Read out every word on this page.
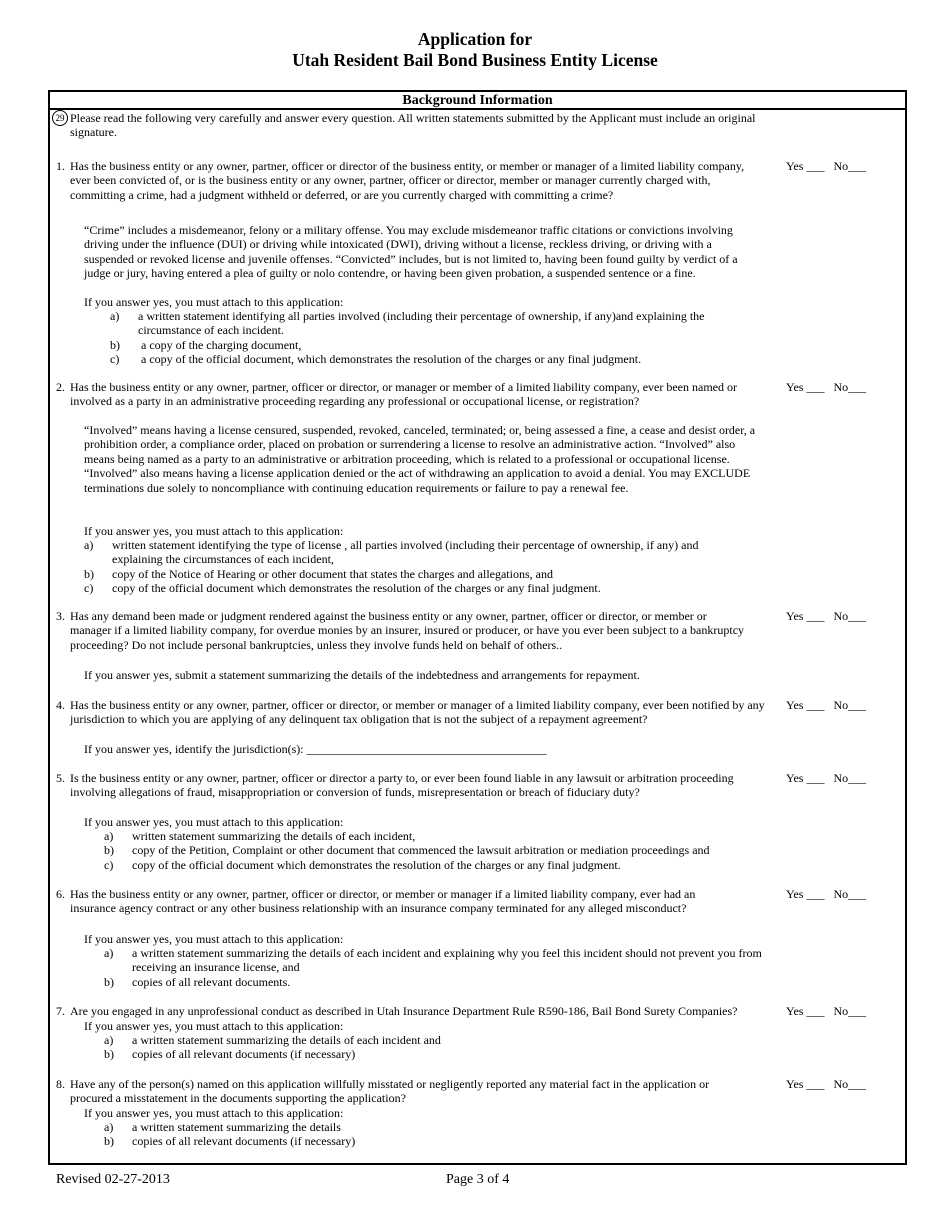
Application for
Utah Resident Bail Bond Business Entity License
Background Information
29 Please read the following very carefully and answer every question. All written statements submitted by the Applicant must include an original signature.
1. Has the business entity or any owner, partner, officer or director of the business entity, or member or manager of a limited liability company, ever been convicted of, or is the business entity or any owner, partner, officer or director, member or manager currently charged with, committing a crime, had a judgment withheld or deferred, or are you currently charged with committing a crime?
Yes ___   No___
“Crime” includes a misdemeanor, felony or a military offense. You may exclude misdemeanor traffic citations or convictions involving driving under the influence (DUI) or driving while intoxicated (DWI), driving without a license, reckless driving, or driving with a suspended or revoked license and juvenile offenses. “Convicted” includes, but is not limited to, having been found guilty by verdict of a judge or jury, having entered a plea of guilty or nolo contendre, or having been given probation, a suspended sentence or a fine.
If you answer yes, you must attach to this application:
a) a written statement identifying all parties involved (including their percentage of ownership, if any)and explaining the circumstance of each incident.
b) a copy of the charging document,
c) a copy of the official document, which demonstrates the resolution of the charges or any final judgment.
2. Has the business entity or any owner, partner, officer or director, or manager or member of a limited liability company, ever been named or involved as a party in an administrative proceeding regarding any professional or occupational license, or registration?
Yes ___   No___
“Involved” means having a license censured, suspended, revoked, canceled, terminated; or, being assessed a fine, a cease and desist order, a prohibition order, a compliance order, placed on probation or surrendering a license to resolve an administrative action. “Involved” also means being named as a party to an administrative or arbitration proceeding, which is related to a professional or occupational license. “Involved” also means having a license application denied or the act of withdrawing an application to avoid a denial. You may EXCLUDE terminations due solely to noncompliance with continuing education requirements or failure to pay a renewal fee.
If you answer yes, you must attach to this application:
a) written statement identifying the type of license , all parties involved (including their percentage of ownership, if any) and explaining the circumstances of each incident,
b) copy of the Notice of Hearing or other document that states the charges and allegations, and
c) copy of the official document which demonstrates the resolution of the charges or any final judgment.
3. Has any demand been made or judgment rendered against the business entity or any owner, partner, officer or director, or member or manager if a limited liability company, for overdue monies by an insurer, insured or producer, or have you ever been subject to a bankruptcy proceeding? Do not include personal bankruptcies, unless they involve funds held on behalf of others..
Yes ___   No___
If you answer yes, submit a statement summarizing the details of the indebtedness and arrangements for repayment.
4. Has the business entity or any owner, partner, officer or director, or member or manager of a limited liability company, ever been notified by any jurisdiction to which you are applying of any delinquent tax obligation that is not the subject of a repayment agreement?
Yes ___   No___
If you answer yes, identify the jurisdiction(s): ________________________________________
5. Is the business entity or any owner, partner, officer or director a party to, or ever been found liable in any lawsuit or arbitration proceeding involving allegations of fraud, misappropriation or conversion of funds, misrepresentation or breach of fiduciary duty?
Yes ___   No___
If you answer yes, you must attach to this application:
a) written statement summarizing the details of each incident,
b) copy of the Petition, Complaint or other document that commenced the lawsuit arbitration or mediation proceedings and
c) copy of the official document which demonstrates the resolution of the charges or any final judgment.
6. Has the business entity or any owner, partner, officer or director, or member or manager if a limited liability company, ever had an insurance agency contract or any other business relationship with an insurance company terminated for any alleged misconduct?
Yes ___   No___
If you answer yes, you must attach to this application:
a) a written statement summarizing the details of each incident and explaining why you feel this incident should not prevent you from receiving an insurance license, and
b) copies of all relevant documents.
7. Are you engaged in any unprofessional conduct as described in Utah Insurance Department Rule R590-186, Bail Bond Surety Companies?	Yes ___   No___
If you answer yes, you must attach to this application:
a) a written statement summarizing the details of each incident and
b) copies of all relevant documents (if necessary)
8. Have any of the person(s) named on this application willfully misstated or negligently reported any material fact in the application or procured a misstatement in the documents supporting the application?
Yes ___   No___
If you answer yes, you must attach to this application:
a) a written statement summarizing the details
b) copies of all relevant documents (if necessary)
Revised 02-27-2013	Page 3 of 4
